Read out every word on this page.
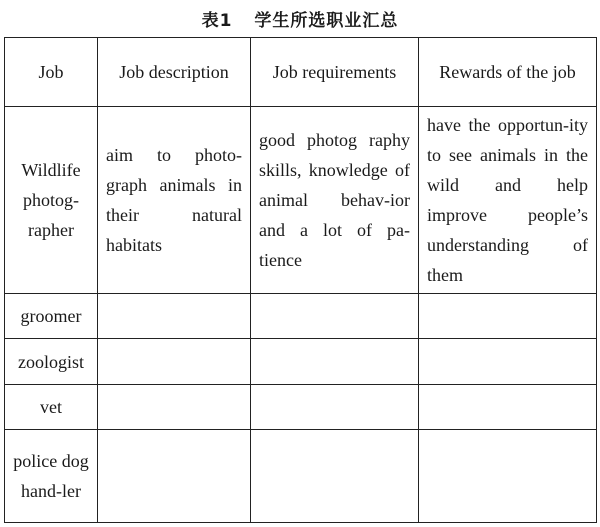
表1 学生所选职业汇总
Job	Job description	Job requirements	Rewards of the job
Wildlife photog-rapher	aim to photo-graph animals in their natural habitats	good photog raphy skills, knowledge of animal behav-ior and a lot of pa-tience	have the opportun-ity to see animals in the wild and help improve people’s understanding of them
groomer			
zoologist			
vet			
police dog hand-ler			
